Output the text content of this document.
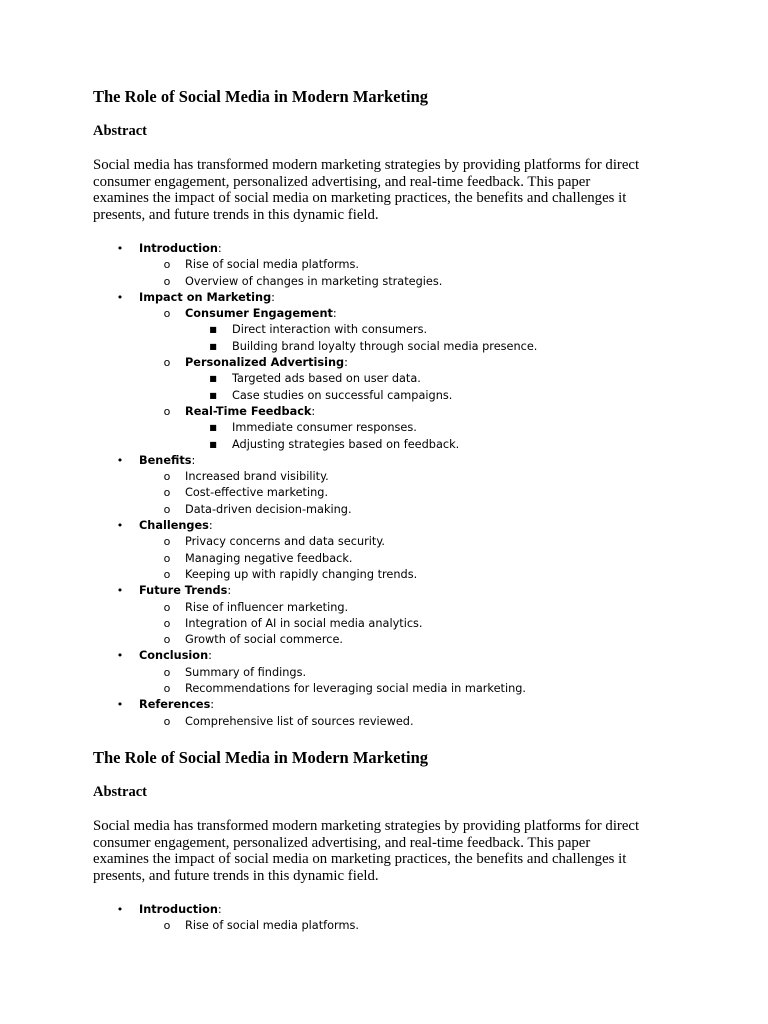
The Role of Social Media in Modern Marketing
Abstract

Social media has transformed modern marketing strategies by providing platforms for direct
consumer engagement, personalized advertising, and real-time feedback. This paper
examines the impact of social media on marketing practices, the benefits and challenges it
presents, and future trends in this dynamic field.

• Introduction:
o Rise of social media platforms.
o Overview of changes in marketing strategies.
• Impact on Marketing:
o Consumer Engagement:
■ Direct interaction with consumers.
■ Building brand loyalty through social media presence.
o Personalized Advertising:
■ Targeted ads based on user data.
■ Case studies on successful campaigns.
o Real-Time Feedback:
■ Immediate consumer responses.
■ Adjusting strategies based on feedback.
• Benefits:
o Increased brand visibility.
o Cost-effective marketing.
o Data-driven decision-making.
• Challenges:
o Privacy concerns and data security.
o Managing negative feedback.
o Keeping up with rapidly changing trends.
• Future Trends:
o Rise of influencer marketing.
o Integration of AI in social media analytics.
o Growth of social commerce.
• Conclusion:
o Summary of findings.
o Recommendations for leveraging social media in marketing.
• References:
o Comprehensive list of sources reviewed.
The Role of Social Media in Modern Marketing
Abstract

Social media has transformed modern marketing strategies by providing platforms for direct
consumer engagement, personalized advertising, and real-time feedback. This paper
examines the impact of social media on marketing practices, the benefits and challenges it
presents, and future trends in this dynamic field.

• Introduction:
o Rise of social media platforms.
